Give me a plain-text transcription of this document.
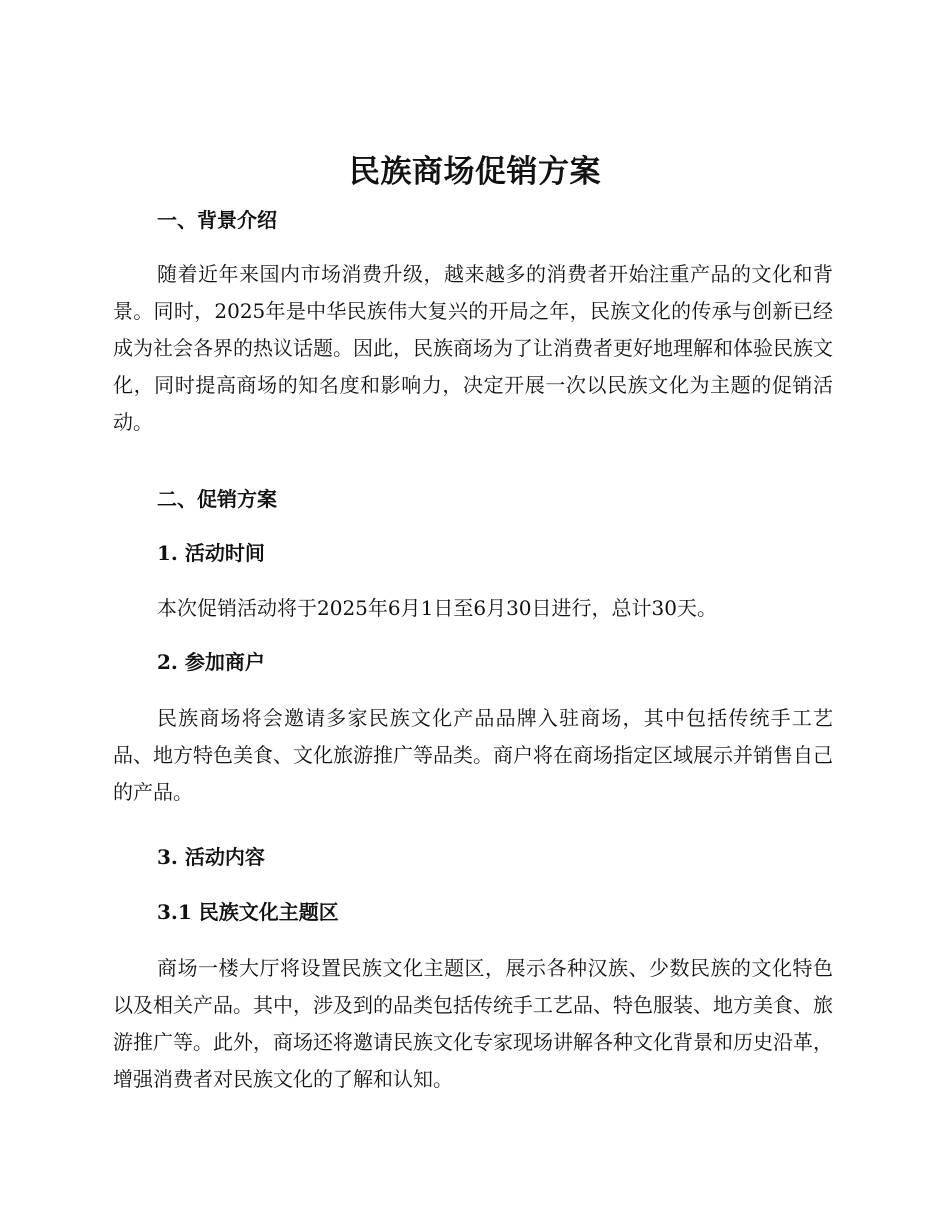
民族商场促销方案
一、背景介绍

随着近年来国内市场消费升级，越来越多的消费者开始注重产品的文化和背景。同时，2025年是中华民族伟大复兴的开局之年，民族文化的传承与创新已经成为社会各界的热议话题。因此，民族商场为了让消费者更好地理解和体验民族文化，同时提高商场的知名度和影响力，决定开展一次以民族文化为主题的促销活动。

二、促销方案
1. 活动时间

本次促销活动将于2025年6月1日至6月30日进行，总计30天。

2. 参加商户

民族商场将会邀请多家民族文化产品品牌入驻商场，其中包括传统手工艺品、地方特色美食、文化旅游推广等品类。商户将在商场指定区域展示并销售自己的产品。

3. 活动内容
3.1 民族文化主题区

商场一楼大厅将设置民族文化主题区，展示各种汉族、少数民族的文化特色以及相关产品。其中，涉及到的品类包括传统手工艺品、特色服装、地方美食、旅游推广等。此外，商场还将邀请民族文化专家现场讲解各种文化背景和历史沿革，增强消费者对民族文化的了解和认知。
